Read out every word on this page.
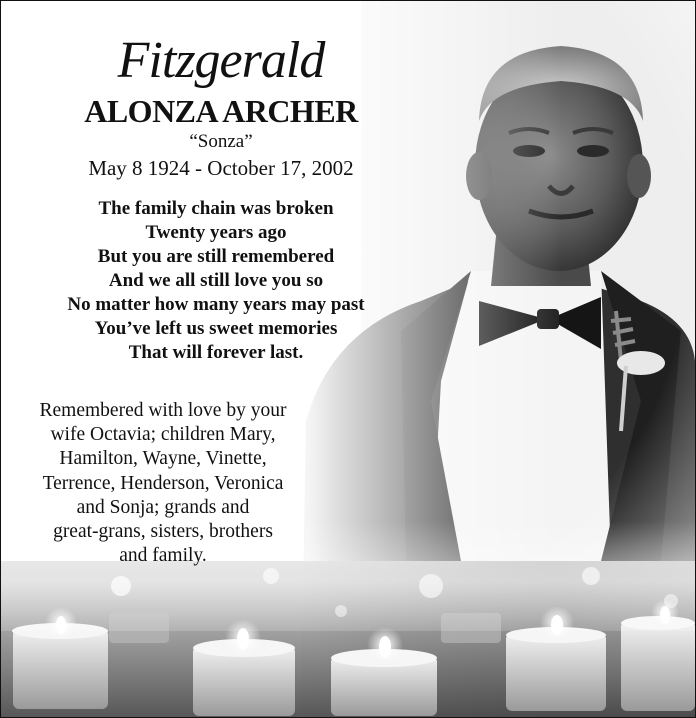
Fitzgerald
ALONZA ARCHER
“Sonza”
May 8 1924 - October 17, 2002
The family chain was broken
Twenty years ago
But you are still remembered
And we all still love you so
No matter how many years may past
You’ve left us sweet memories
That will forever last.
Remembered with love by your
wife Octavia; children Mary,
Hamilton, Wayne, Vinette,
Terrence, Henderson, Veronica
and Sonja; grands and
great-grans, sisters, brothers
and family.
